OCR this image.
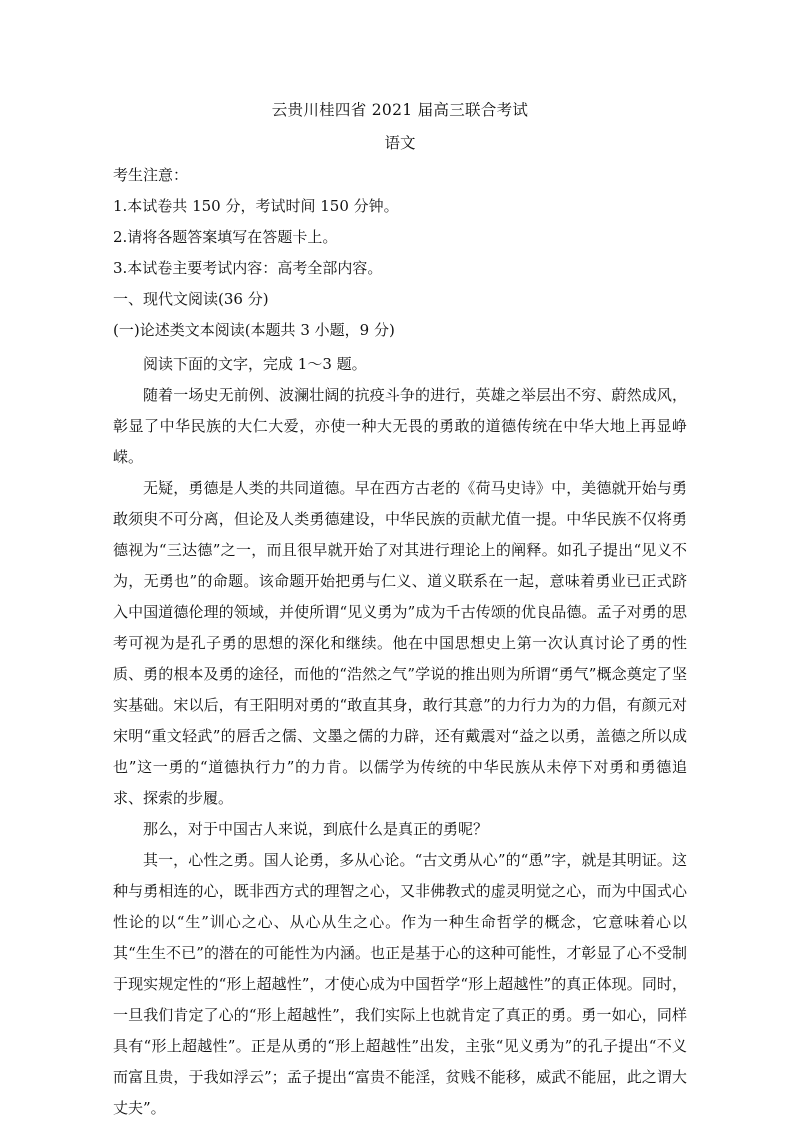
云贵川桂四省 2021 届高三联合考试
语文
考生注意：
1.本试卷共 150 分，考试时间 150 分钟。
2.请将各题答案填写在答题卡上。
3.本试卷主要考试内容：高考全部内容。
一、现代文阅读(36 分)
(一)论述类文本阅读(本题共 3 小题，9 分)

阅读下面的文字，完成 1～3 题。

随着一场史无前例、波澜壮阔的抗疫斗争的进行，英雄之举层出不穷、蔚然成风，彰显了中华民族的大仁大爱，亦使一种大无畏的勇敢的道德传统在中华大地上再显峥嵘。

无疑，勇德是人类的共同道德。早在西方古老的《荷马史诗》中，美德就开始与勇敢须臾不可分离，但论及人类勇德建设，中华民族的贡献尤值一提。中华民族不仅将勇德视为“三达德”之一，而且很早就开始了对其进行理论上的阐释。如孔子提出“见义不为，无勇也”的命题。该命题开始把勇与仁义、道义联系在一起，意味着勇业已正式跻入中国道德伦理的领域，并使所谓“见义勇为”成为千古传颂的优良品德。孟子对勇的思考可视为是孔子勇的思想的深化和继续。他在中国思想史上第一次认真讨论了勇的性质、勇的根本及勇的途径，而他的“浩然之气”学说的推出则为所谓“勇气”概念奠定了坚实基础。宋以后，有王阳明对勇的“敢直其身，敢行其意”的力行力为的力倡，有颜元对宋明“重文轻武”的唇舌之儒、文墨之儒的力辟，还有戴震对“益之以勇，盖德之所以成也”这一勇的“道德执行力”的力肯。以儒学为传统的中华民族从未停下对勇和勇德追求、探索的步履。

那么，对于中国古人来说，到底什么是真正的勇呢？

其一，心性之勇。国人论勇，多从心论。“古文勇从心”的“恿”字，就是其明证。这种与勇相连的心，既非西方式的理智之心，又非佛教式的虚灵明觉之心，而为中国式心性论的以“生”训心之心、从心从生之心。作为一种生命哲学的概念，它意味着心以其“生生不已”的潜在的可能性为内涵。也正是基于心的这种可能性，才彰显了心不受制于现实规定性的“形上超越性”，才使心成为中国哲学“形上超越性”的真正体现。同时，一旦我们肯定了心的“形上超越性”，我们实际上也就肯定了真正的勇。勇一如心，同样具有“形上超越性”。正是从勇的“形上超越性”出发，主张“见义勇为”的孔子提出“不义而富且贵，于我如浮云”；孟子提出“富贵不能淫，贫贱不能移，威武不能屈，此之谓大丈夫”。
